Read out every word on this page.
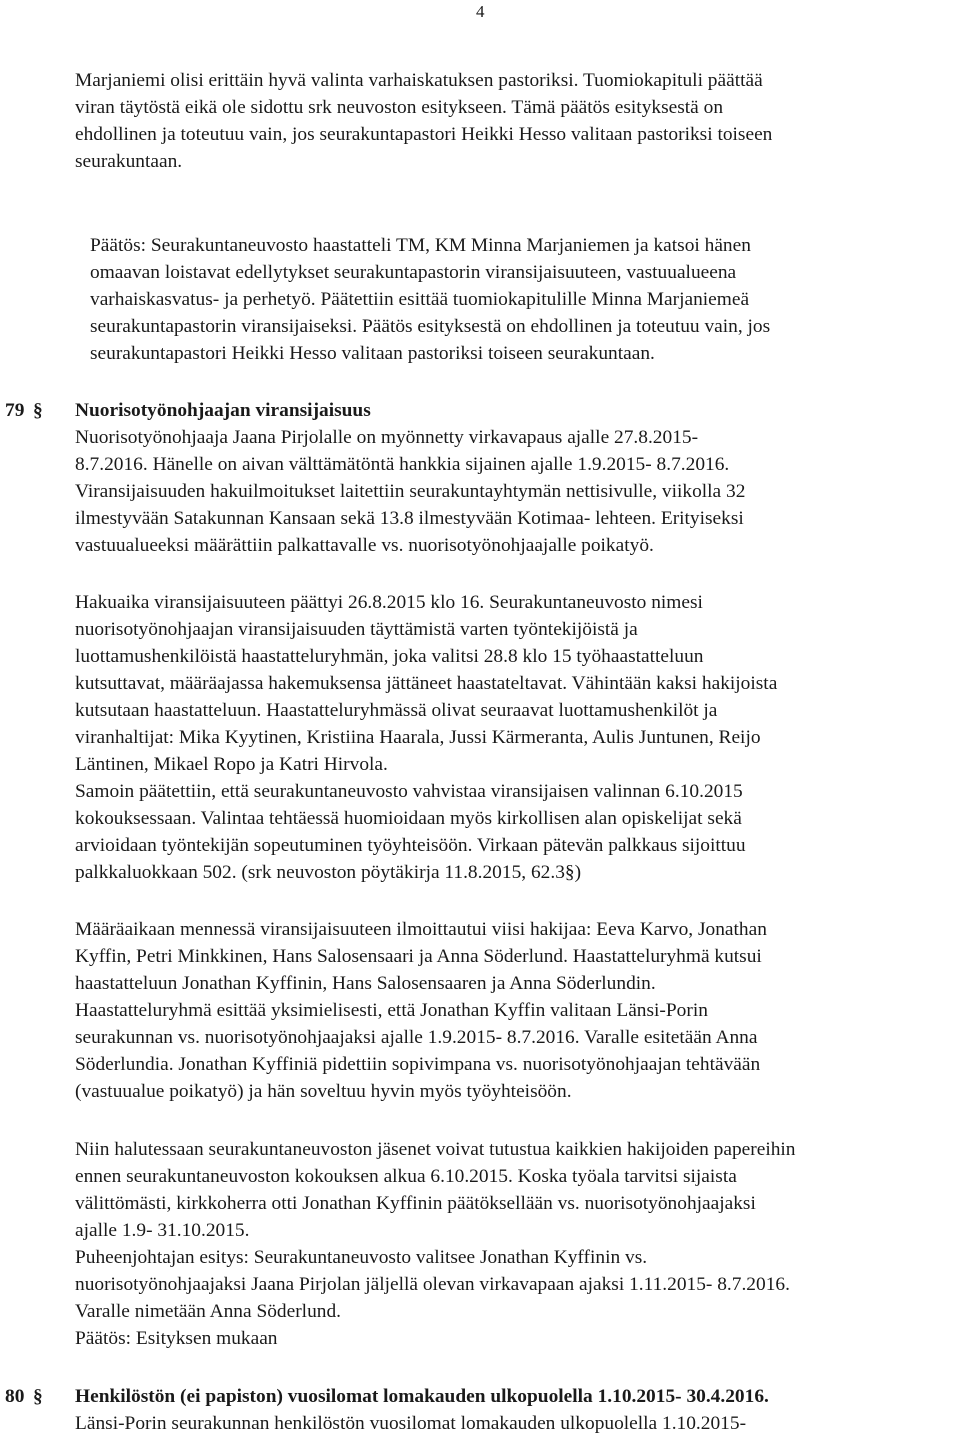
4
Marjaniemi olisi erittäin hyvä valinta varhaiskatuksen pastoriksi. Tuomiokapituli päättää
viran täytöstä eikä ole sidottu srk neuvoston esitykseen. Tämä päätös esityksestä on
ehdollinen ja toteutuu vain, jos seurakuntapastori Heikki Hesso valitaan pastoriksi toiseen
seurakuntaan.
Päätös: Seurakuntaneuvosto haastatteli TM, KM Minna Marjaniemen ja katsoi hänen
omaavan loistavat edellytykset seurakuntapastorin viransijaisuuteen, vastuualueena
varhaiskasvatus- ja perhetyö. Päätettiin esittää tuomiokapitulille Minna Marjaniemeä
seurakuntapastorin viransijaiseksi. Päätös esityksestä on ehdollinen ja toteutuu vain, jos
seurakuntapastori Heikki Hesso valitaan pastoriksi toiseen seurakuntaan.
79 § Nuorisotyönohjaajan viransijaisuus
Nuorisotyönohjaaja Jaana Pirjolalle on myönnetty virkavapaus ajalle 27.8.2015-
8.7.2016. Hänelle on aivan välttämätöntä hankkia sijainen ajalle 1.9.2015- 8.7.2016.
Viransijaisuuden hakuilmoitukset laitettiin seurakuntayhtymän nettisivulle, viikolla 32
ilmestyvään Satakunnan Kansaan sekä 13.8 ilmestyvään Kotimaa- lehteen. Erityiseksi
vastuualueeksi määrättiin palkattavalle vs. nuorisotyönohjaajalle poikatyö.
Hakuaika viransijaisuuteen päättyi 26.8.2015 klo 16. Seurakuntaneuvosto nimesi
nuorisotyönohjaajan viransijaisuuden täyttämistä varten työntekijöistä ja
luottamushenkilöistä haastatteluryhmän, joka valitsi 28.8 klo 15 työhaastatteluun
kutsuttavat, määräajassa hakemuksensa jättäneet haastateltavat. Vähintään kaksi hakijoista
kutsutaan haastatteluun. Haastatteluryhmässä olivat seuraavat luottamushenkilöt ja
viranhaltijat: Mika Kyytinen, Kristiina Haarala, Jussi Kärmeranta, Aulis Juntunen, Reijo
Läntinen, Mikael Ropo ja Katri Hirvola.
Samoin päätettiin, että seurakuntaneuvosto vahvistaa viransijaisen valinnan 6.10.2015
kokouksessaan. Valintaa tehtäessä huomioidaan myös kirkollisen alan opiskelijat sekä
arvioidaan työntekijän sopeutuminen työyhteisöön. Virkaan pätevän palkkaus sijoittuu
palkkaluokkaan 502. (srk neuvoston pöytäkirja 11.8.2015, 62.3§)
Määräaikaan mennessä viransijaisuuteen ilmoittautui viisi hakijaa: Eeva Karvo, Jonathan
Kyffin, Petri Minkkinen, Hans Salosensaari ja Anna Söderlund. Haastatteluryhmä kutsui
haastatteluun Jonathan Kyffinin, Hans Salosensaaren ja Anna Söderlundin.
Haastatteluryhmä esittää yksimielisesti, että Jonathan Kyffin valitaan Länsi-Porin
seurakunnan vs. nuorisotyönohjaajaksi ajalle 1.9.2015- 8.7.2016. Varalle esitetään Anna
Söderlundia. Jonathan Kyffiniä pidettiin sopivimpana vs. nuorisotyönohjaajan tehtävään
(vastuualue poikatyö) ja hän soveltuu hyvin myös työyhteisöön.
Niin halutessaan seurakuntaneuvoston jäsenet voivat tutustua kaikkien hakijoiden papereihin
ennen seurakuntaneuvoston kokouksen alkua 6.10.2015. Koska työala tarvitsi sijaista
välittömästi, kirkkoherra otti Jonathan Kyffinin päätöksellään vs. nuorisotyönohjaajaksi
ajalle 1.9- 31.10.2015.
Puheenjohtajan esitys: Seurakuntaneuvosto valitsee Jonathan Kyffinin vs.
nuorisotyönohjaajaksi Jaana Pirjolan jäljellä olevan virkavapaan ajaksi 1.11.2015- 8.7.2016.
Varalle nimetään Anna Söderlund.
Päätös: Esityksen mukaan
80 § Henkilöstön (ei papiston) vuosilomat lomakauden ulkopuolella 1.10.2015- 30.4.2016.
Länsi-Porin seurakunnan henkilöstön vuosilomat lomakauden ulkopuolella 1.10.2015-
